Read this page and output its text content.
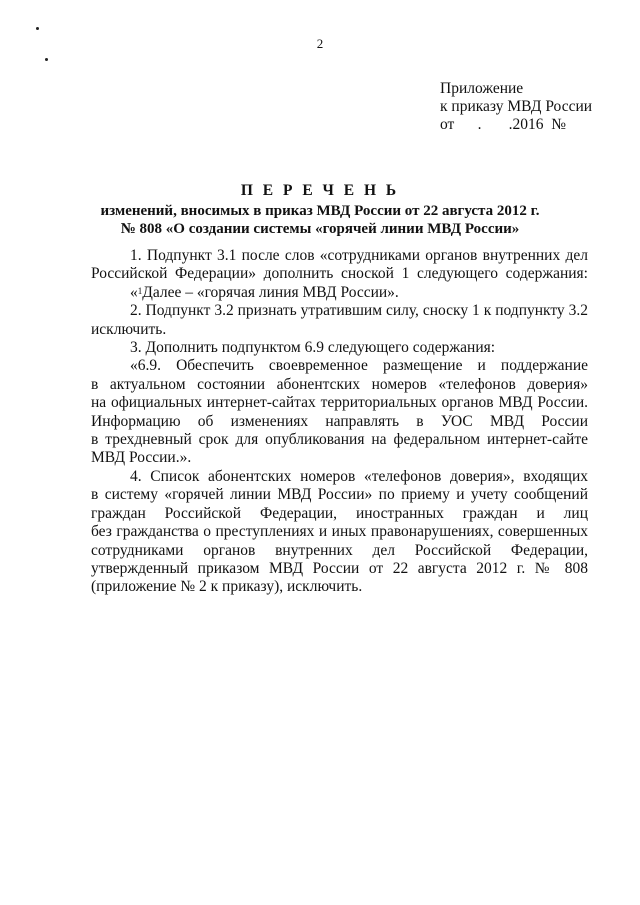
2
Приложение
к приказу МВД России
от      .       .2016  №
П Е Р Е Ч Е Н Ь
изменений, вносимых в приказ МВД России от 22 августа 2012 г.
№ 808 «О создании системы «горячей линии МВД России»

1. Подпункт 3.1 после слов «сотрудниками органов внутренних дел

Российской Федерации» дополнить сноской 1 следующего содержания:

«$^1$Далее – «горячая линия МВД России».

2. Подпункт 3.2 признать утратившим силу, сноску 1 к подпункту 3.2

исключить.

3. Дополнить подпунктом 6.9 следующего содержания:

«6.9. Обеспечить своевременное размещение и поддержание

в актуальном состоянии абонентских номеров «телефонов доверия»

на официальных интернет-сайтах территориальных органов МВД России.

Информацию об изменениях направлять в УОС МВД России

в трехдневный срок для опубликования на федеральном интернет-сайте

МВД России.».

4. Список абонентских номеров «телефонов доверия», входящих

в систему «горячей линии МВД России» по приему и учету сообщений

граждан Российской Федерации, иностранных граждан и лиц

без гражданства о преступлениях и иных правонарушениях, совершенных

сотрудниками органов внутренних дел Российской Федерации,

утвержденный приказом МВД России от 22 августа 2012 г. № 808

(приложение № 2 к приказу), исключить.
